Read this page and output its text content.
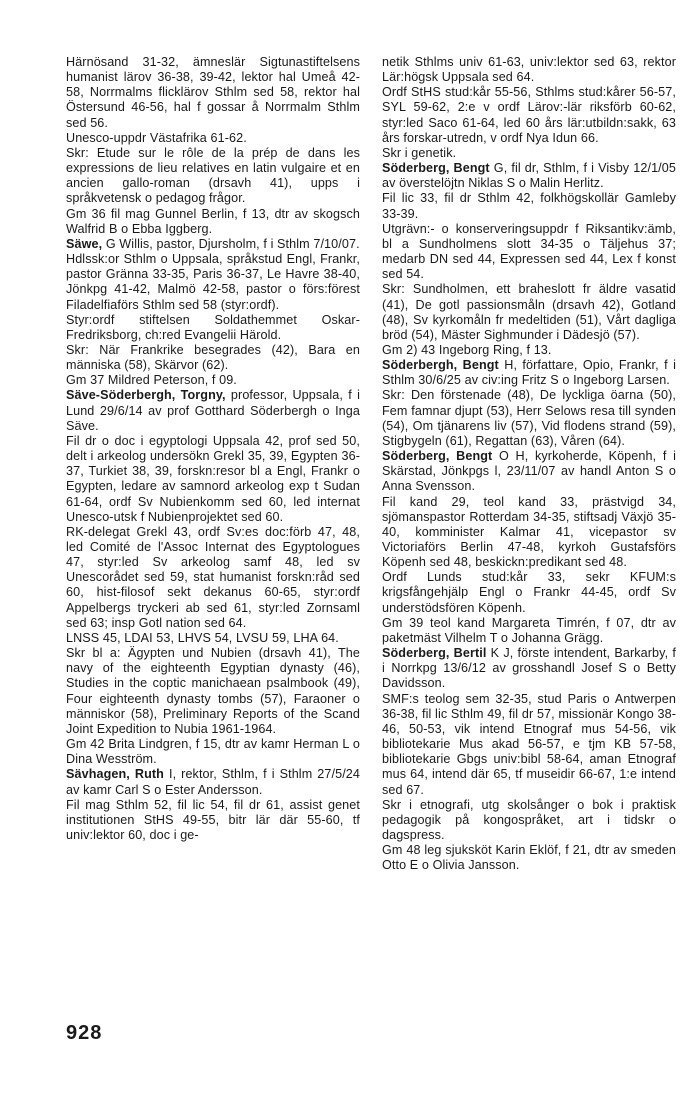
Härnösand 31-32, ämneslär Sigtunastiftelsens humanist lärov 36-38, 39-42, lektor hal Umeå 42-58, Norrmalms flicklärov Sthlm sed 58, rektor hal Östersund 46-56, hal f gossar å Norrmalm Sthlm sed 56.

Unesco-uppdr Västafrika 61-62.

Skr: Etude sur le rôle de la prép de dans les expressions de lieu relatives en latin vulgaire et en ancien gallo-roman (drsavh 41), upps i språkvetensk o pedagog frågor.

Gm 36 fil mag Gunnel Berlin, f 13, dtr av skogsch Walfrid B o Ebba Iggberg.

Säwe, G Willis, pastor, Djursholm, f i Sthlm 7/10/07.

Hdlssk:or Sthlm o Uppsala, språkstud Engl, Frankr, pastor Gränna 33-35, Paris 36-37, Le Havre 38-40, Jönkpg 41-42, Malmö 42-58, pastor o förs:förest Filadelfiaförs Sthlm sed 58 (styr:ordf).

Styr:ordf stiftelsen Soldathemmet Oskar-Fredriksborg, ch:red Evangelii Härold.

Skr: När Frankrike besegrades (42), Bara en människa (58), Skärvor (62).

Gm 37 Mildred Peterson, f 09.

Säve-Söderbergh, Torgny, professor, Uppsala, f i Lund 29/6/14 av prof Gotthard Söderbergh o Inga Säve.

Fil dr o doc i egyptologi Uppsala 42, prof sed 50, delt i arkeolog undersökn Grekl 35, 39, Egypten 36-37, Turkiet 38, 39, forskn:resor bl a Engl, Frankr o Egypten, ledare av samnord arkeolog exp t Sudan 61-64, ordf Sv Nubienkomm sed 60, led internat Unesco-utsk f Nubienprojektet sed 60.

RK-delegat Grekl 43, ordf Sv:es doc:förb 47, 48, led Comité de l'Assoc Internat des Egyptologues 47, styr:led Sv arkeolog samf 48, led sv Unescorådet sed 59, stat humanist forskn:råd sed 60, hist-filosof sekt dekanus 60-65, styr:ordf Appelbergs tryckeri ab sed 61, styr:led Zornsaml sed 63; insp Gotl nation sed 64.

LNSS 45, LDAI 53, LHVS 54, LVSU 59, LHA 64.

Skr bl a: Ägypten und Nubien (drsavh 41), The navy of the eighteenth Egyptian dynasty (46), Studies in the coptic manichaean psalmbook (49), Four eighteenth dynasty tombs (57), Faraoner o människor (58), Preliminary Reports of the Scand Joint Expedition to Nubia 1961-1964.

Gm 42 Brita Lindgren, f 15, dtr av kamr Herman L o Dina Wesström.

Sävhagen, Ruth I, rektor, Sthlm, f i Sthlm 27/5/24 av kamr Carl S o Ester Andersson.

Fil mag Sthlm 52, fil lic 54, fil dr 61, assist genet institutionen StHS 49-55, bitr lär där 55-60, tf univ:lektor 60, doc i ge-

netik Sthlms univ 61-63, univ:lektor sed 63, rektor Lär:högsk Uppsala sed 64.

Ordf StHS stud:kår 55-56, Sthlms stud:kårer 56-57, SYL 59-62, 2:e v ordf Lärov:-lär riksförb 60-62, styr:led Saco 61-64, led 60 års lär:utbildn:sakk, 63 års forskar-utredn, v ordf Nya Idun 66.

Skr i genetik.

Söderberg, Bengt G, fil dr, Sthlm, f i Visby 12/1/05 av överstelöjtn Niklas S o Malin Herlitz.

Fil lic 33, fil dr Sthlm 42, folkhögskollär Gamleby 33-39.

Utgrävn:- o konserveringsuppdr f Riksantikv:ämb, bl a Sundholmens slott 34-35 o Täljehus 37; medarb DN sed 44, Expressen sed 44, Lex f konst sed 54.

Skr: Sundholmen, ett braheslott fr äldre vasatid (41), De gotl passionsmåln (drsavh 42), Gotland (48), Sv kyrkomåln fr medeltiden (51), Vårt dagliga bröd (54), Mäster Sighmunder i Dädesjö (57).

Gm 2) 43 Ingeborg Ring, f 13.

Söderbergh, Bengt H, författare, Opio, Frankr, f i Sthlm 30/6/25 av civ:ing Fritz S o Ingeborg Larsen.

Skr: Den förstenade (48), De lyckliga öarna (50), Fem famnar djupt (53), Herr Selows resa till synden (54), Om tjänarens liv (57), Vid flodens strand (59), Stigbygeln (61), Regattan (63), Våren (64).

Söderberg, Bengt O H, kyrkoherde, Köpenh, f i Skärstad, Jönkpgs l, 23/11/07 av handl Anton S o Anna Svensson.

Fil kand 29, teol kand 33, prästvigd 34, sjömanspastor Rotterdam 34-35, stiftsadj Växjö 35-40, komminister Kalmar 41, vicepastor sv Victoriaförs Berlin 47-48, kyrkoh Gustafsförs Köpenh sed 48, beskickn:predikant sed 48.

Ordf Lunds stud:kår 33, sekr KFUM:s krigsfångehjälp Engl o Frankr 44-45, ordf Sv understödsfören Köpenh.

Gm 39 teol kand Margareta Timrén, f 07, dtr av paketmäst Vilhelm T o Johanna Grägg.

Söderberg, Bertil K J, förste intendent, Barkarby, f i Norrkpg 13/6/12 av grosshandl Josef S o Betty Davidsson.

SMF:s teolog sem 32-35, stud Paris o Antwerpen 36-38, fil lic Sthlm 49, fil dr 57, missionär Kongo 38-46, 50-53, vik intend Etnograf mus 54-56, vik bibliotekarie Mus akad 56-57, e tjm KB 57-58, bibliotekarie Gbgs univ:bibl 58-64, aman Etnograf mus 64, intend där 65, tf museidir 66-67, 1:e intend sed 67.

Skr i etnografi, utg skolsånger o bok i praktisk pedagogik på kongospråket, art i tidskr o dagspress.

Gm 48 leg sjuksköt Karin Eklöf, f 21, dtr av smeden Otto E o Olivia Jansson.

928
